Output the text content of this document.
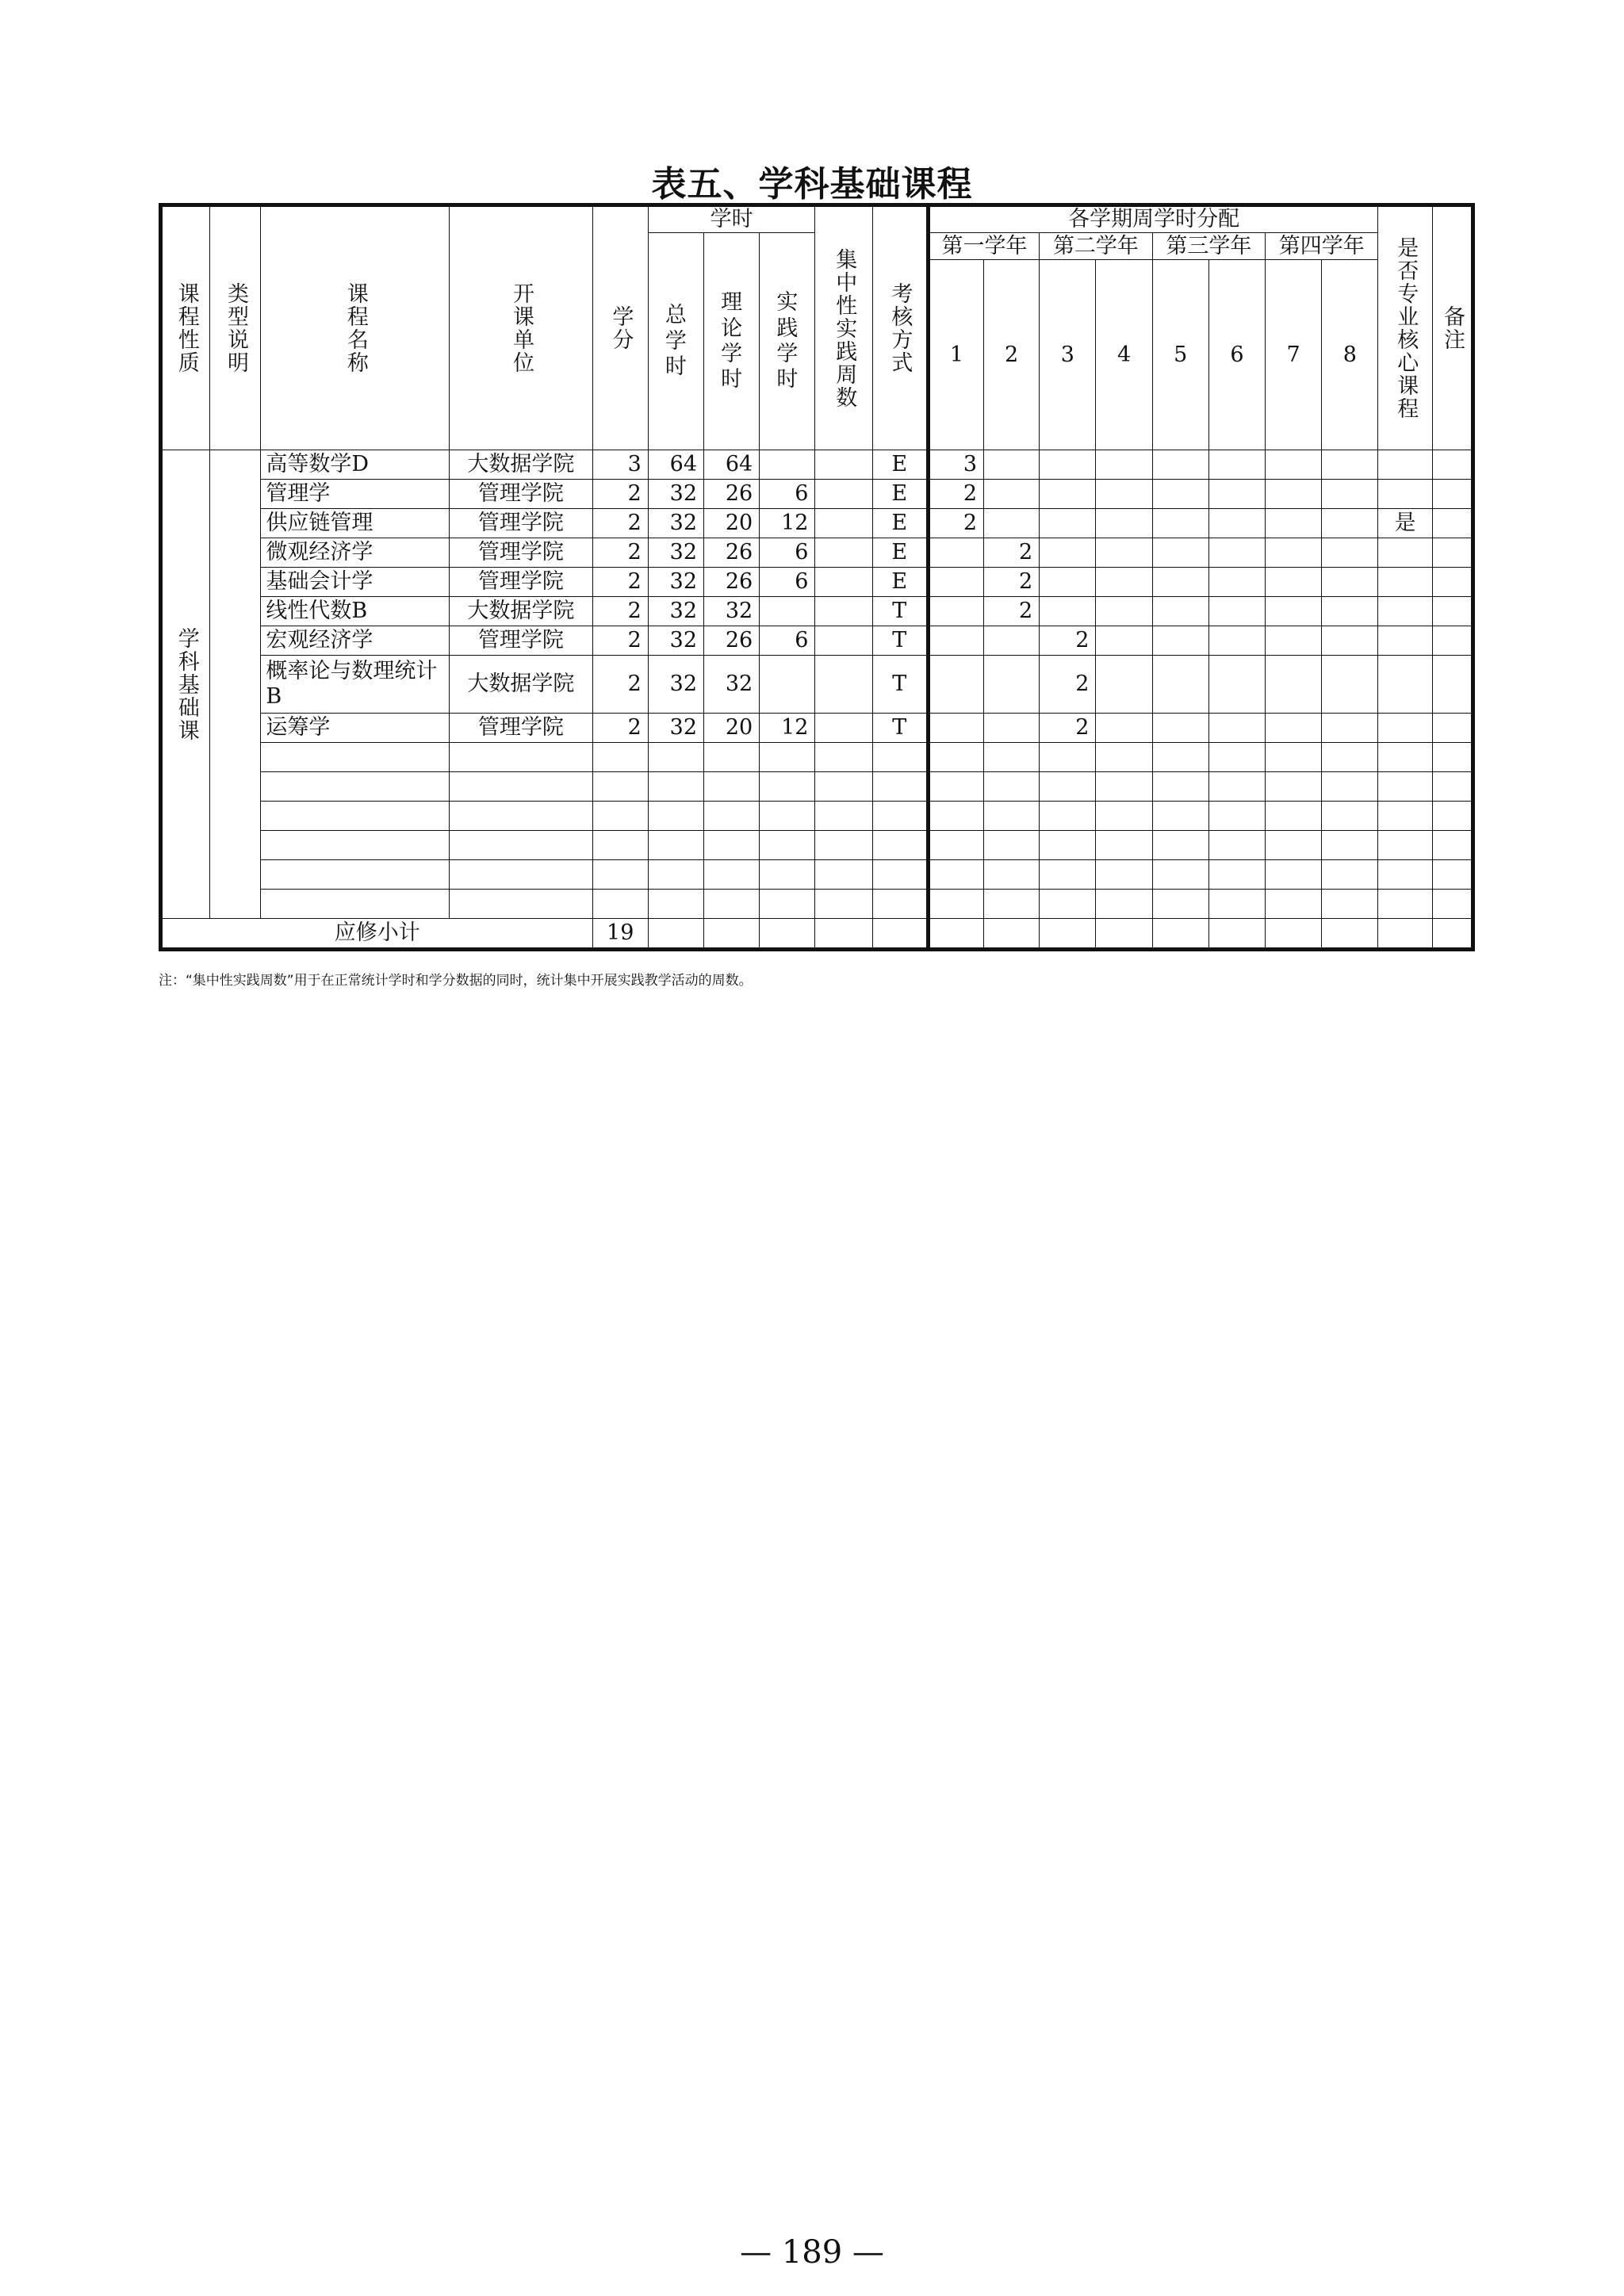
表五、学科基础课程
课程性质	类型说明	课程名称	开课单位	学分	学时			集中性实践周数	考核方式	各学期周学时分配								是否专业核心课程	备注

					总学时	理论学时	实践学时			第一学年		第二学年		第三学年		第四学年			
										1	2	3	4	5	6	7	8		

学科基础课		高等数学D	大数据学院	3	64	64			E	3									
		管理学	管理学院	2	32	26	6		E	2									
		供应链管理	管理学院	2	32	20	12		E	2								是	
		微观经济学	管理学院	2	32	26	6		E		2								
		基础会计学	管理学院	2	32	26	6		E		2								
		线性代数B	大数据学院	2	32	32			T		2								
		宏观经济学	管理学院	2	32	26	6		T			2							
		概率论与数理统计B	大数据学院	2	32	32			T			2							
		运筹学	管理学院	2	32	20	12		T			2							

应修小计				19															
注：“集中性实践周数”用于在正常统计学时和学分数据的同时，统计集中开展实践教学活动的周数。
— 189 —
